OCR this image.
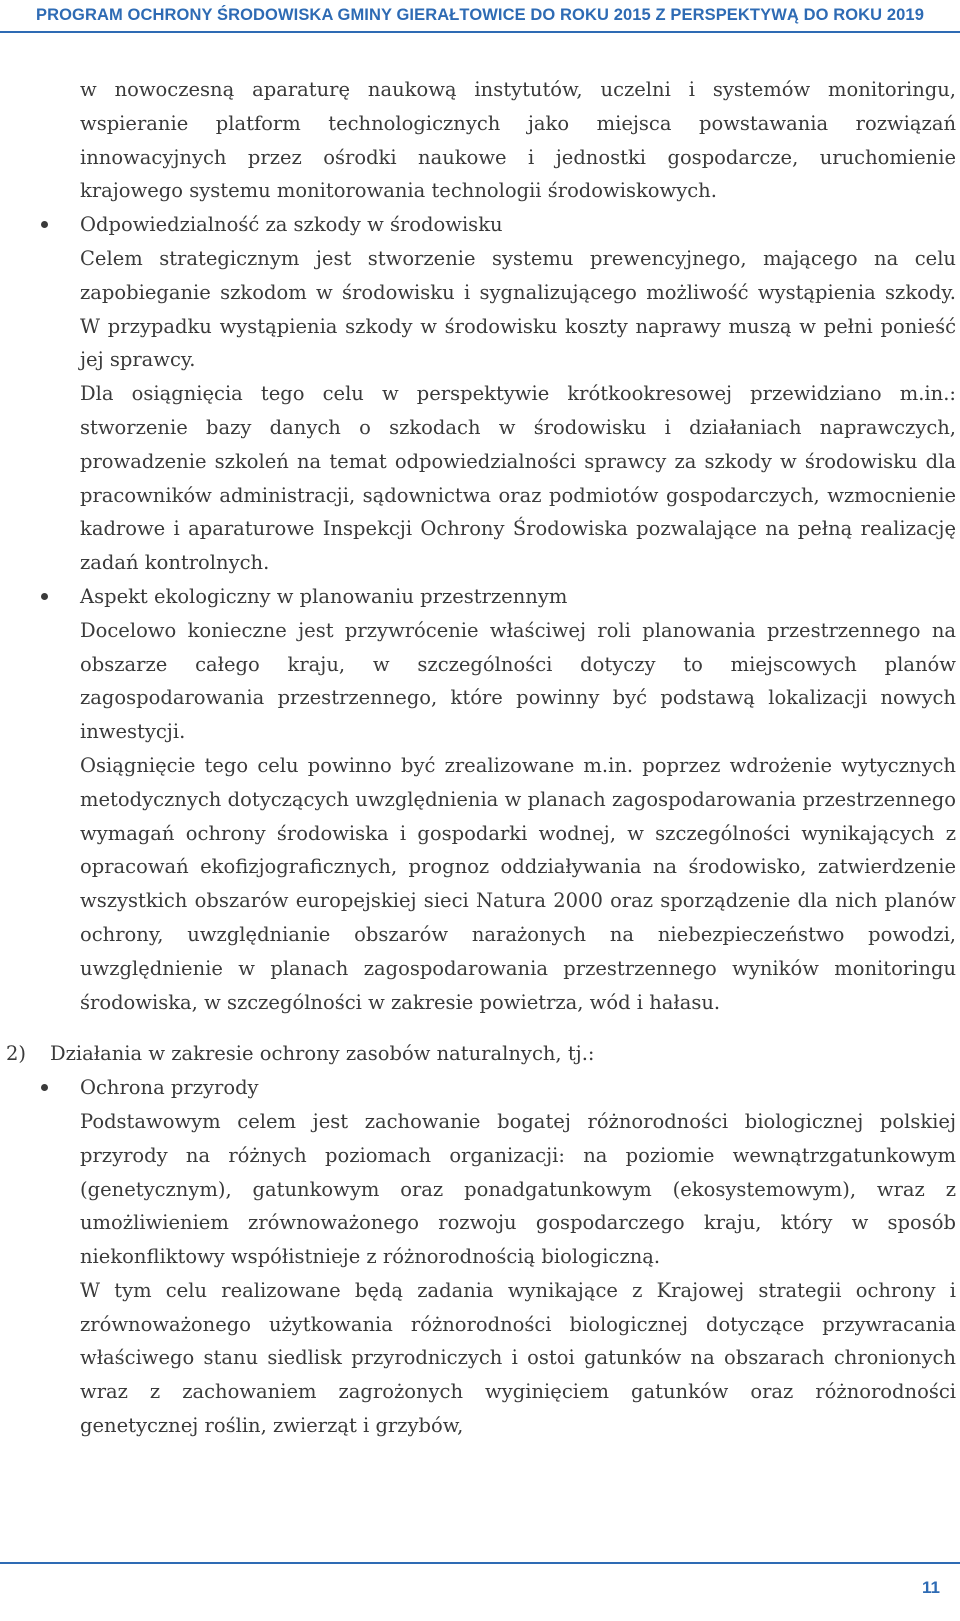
PROGRAM OCHRONY ŚRODOWISKA GMINY GIERAŁTOWICE DO ROKU 2015 Z PERSPEKTYWĄ DO ROKU 2019

w nowoczesną aparaturę naukową instytutów, uczelni i systemów monitoringu, wspieranie platform technologicznych jako miejsca powstawania rozwiązań innowacyjnych przez ośrodki naukowe i jednostki gospodarcze, uruchomienie krajowego systemu monitorowania technologii środowiskowych.

Odpowiedzialność za szkody w środowisku

Celem strategicznym jest stworzenie systemu prewencyjnego, mającego na celu zapobieganie szkodom w środowisku i sygnalizującego możliwość wystąpienia szkody. W przypadku wystąpienia szkody w środowisku koszty naprawy muszą w pełni ponieść jej sprawcy.

Dla osiągnięcia tego celu w perspektywie krótkookresowej przewidziano m.in.: stworzenie bazy danych o szkodach w środowisku i działaniach naprawczych, prowadzenie szkoleń na temat odpowiedzialności sprawcy za szkody w środowisku dla pracowników administracji, sądownictwa oraz podmiotów gospodarczych, wzmocnienie kadrowe i aparaturowe Inspekcji Ochrony Środowiska pozwalające na pełną realizację zadań kontrolnych.

Aspekt ekologiczny w planowaniu przestrzennym

Docelowo konieczne jest przywrócenie właściwej roli planowania przestrzennego na obszarze całego kraju, w szczególności dotyczy to miejscowych planów zagospodarowania przestrzennego, które powinny być podstawą lokalizacji nowych inwestycji.

Osiągnięcie tego celu powinno być zrealizowane m.in. poprzez wdrożenie wytycznych metodycznych dotyczących uwzględnienia w planach zagospodarowania przestrzennego wymagań ochrony środowiska i gospodarki wodnej, w szczególności wynikających z opracowań ekofizjograficznych, prognoz oddziaływania na środowisko, zatwierdzenie wszystkich obszarów europejskiej sieci Natura 2000 oraz sporządzenie dla nich planów ochrony, uwzględnianie obszarów narażonych na niebezpieczeństwo powodzi, uwzględnienie w planach zagospodarowania przestrzennego wyników monitoringu środowiska, w szczególności w zakresie powietrza, wód i hałasu.

2) Działania w zakresie ochrony zasobów naturalnych, tj.:

Ochrona przyrody

Podstawowym celem jest zachowanie bogatej różnorodności biologicznej polskiej przyrody na różnych poziomach organizacji: na poziomie wewnątrzgatunkowym (genetycznym), gatunkowym oraz ponadgatunkowym (ekosystemowym), wraz z umożliwieniem zrównoważonego rozwoju gospodarczego kraju, który w sposób niekonfliktowy współistnieje z różnorodnością biologiczną.

W tym celu realizowane będą zadania wynikające z Krajowej strategii ochrony i zrównoważonego użytkowania różnorodności biologicznej dotyczące przywracania właściwego stanu siedlisk przyrodniczych i ostoi gatunków na obszarach chronionych wraz z zachowaniem zagrożonych wyginięciem gatunków oraz różnorodności genetycznej roślin, zwierząt i grzybów,

11
